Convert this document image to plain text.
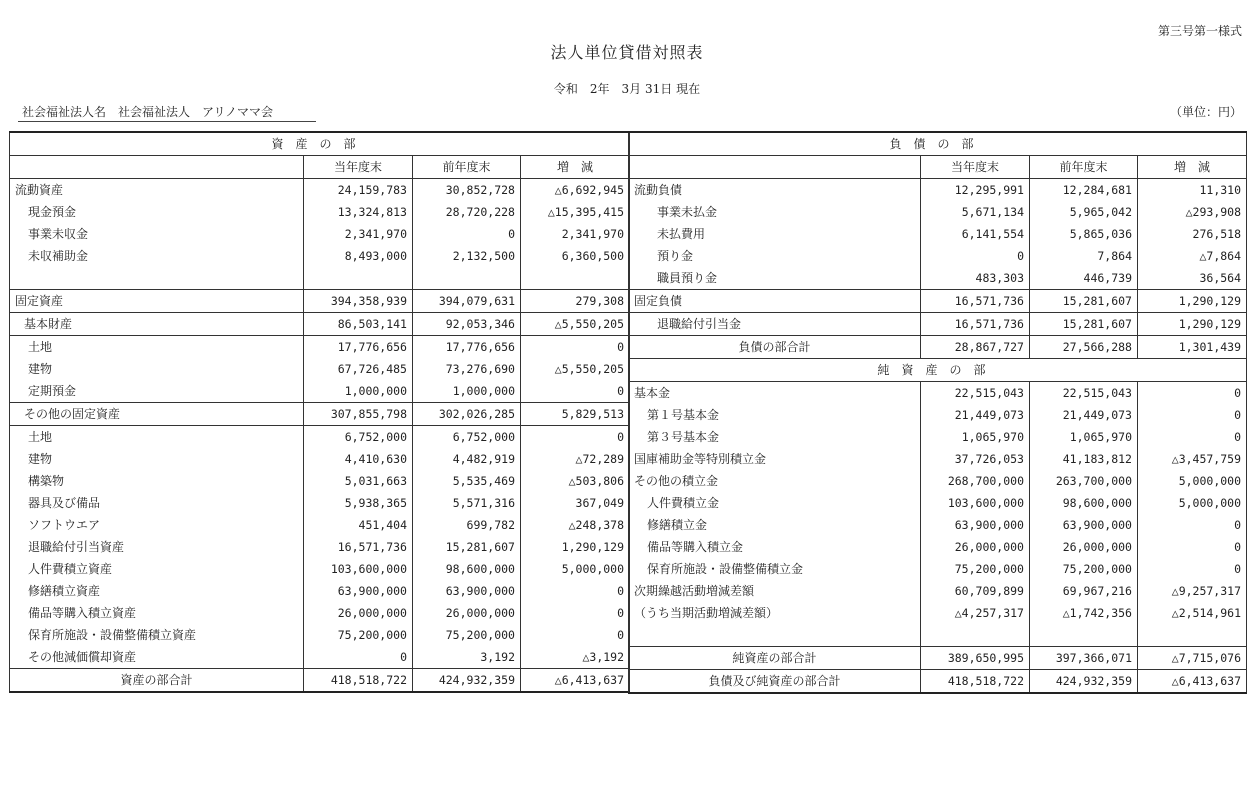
第三号第一様式
法人単位貸借対照表
令和　2年　3月 31日 現在
社会福祉法人名　社会福祉法人　アリノママ会	（単位：円）
資産の部			
	当年度末	前年度末	増　減
流動資産	24,159,783	30,852,728	△6,692,945
現金預金	13,324,813	28,720,228	△15,395,415
事業未収金	2,341,970	0	2,341,970
未収補助金	8,493,000	2,132,500	6,360,500

固定資産	394,358,939	394,079,631	279,308
基本財産	86,503,141	92,053,346	△5,550,205
土地	17,776,656	17,776,656	0
建物	67,726,485	73,276,690	△5,550,205
定期預金	1,000,000	1,000,000	0
その他の固定資産	307,855,798	302,026,285	5,829,513
土地	6,752,000	6,752,000	0
建物	4,410,630	4,482,919	△72,289
構築物	5,031,663	5,535,469	△503,806
器具及び備品	5,938,365	5,571,316	367,049
ソフトウエア	451,404	699,782	△248,378
退職給付引当資産	16,571,736	15,281,607	1,290,129
人件費積立資産	103,600,000	98,600,000	5,000,000
修繕積立資産	63,900,000	63,900,000	0
備品等購入積立資産	26,000,000	26,000,000	0
保育所施設・設備整備積立資産	75,200,000	75,200,000	0
その他減価償却資産	0	3,192	△3,192
資産の部合計	418,518,722	424,932,359	△6,413,637
負債の部			
	当年度末	前年度末	増　減
流動負債	12,295,991	12,284,681	11,310
事業未払金	5,671,134	5,965,042	△293,908
未払費用	6,141,554	5,865,036	276,518
預り金	0	7,864	△7,864
職員預り金	483,303	446,739	36,564
固定負債	16,571,736	15,281,607	1,290,129
退職給付引当金	16,571,736	15,281,607	1,290,129
負債の部合計	28,867,727	27,566,288	1,301,439
純資産の部			
基本金	22,515,043	22,515,043	0
第１号基本金	21,449,073	21,449,073	0
第３号基本金	1,065,970	1,065,970	0
国庫補助金等特別積立金	37,726,053	41,183,812	△3,457,759
その他の積立金	268,700,000	263,700,000	5,000,000
人件費積立金	103,600,000	98,600,000	5,000,000
修繕積立金	63,900,000	63,900,000	0
備品等購入積立金	26,000,000	26,000,000	0
保育所施設・設備整備積立金	75,200,000	75,200,000	0
次期繰越活動増減差額	60,709,899	69,967,216	△9,257,317
（うち当期活動増減差額）	△4,257,317	△1,742,356	△2,514,961

純資産の部合計	389,650,995	397,366,071	△7,715,076
負債及び純資産の部合計	418,518,722	424,932,359	△6,413,637
